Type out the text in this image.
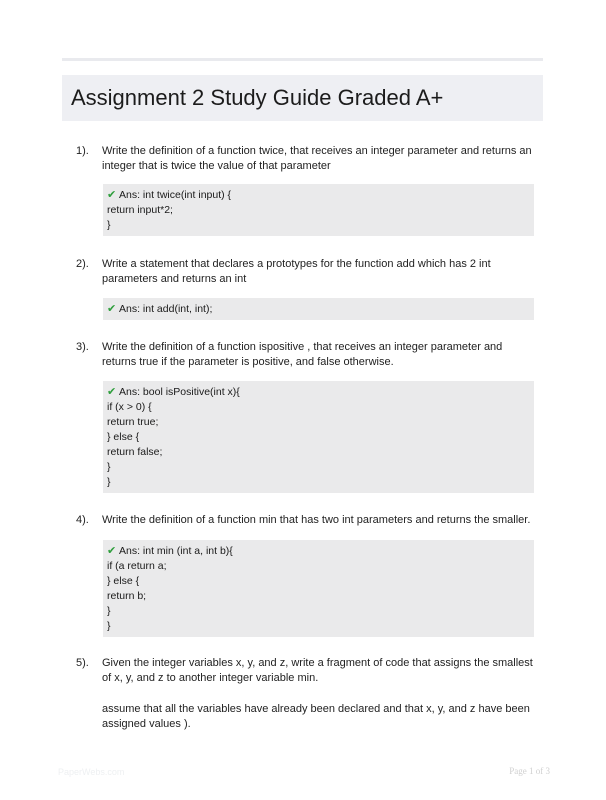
Assignment 2 Study Guide Graded A+
1). Write the definition of a function twice, that receives an integer parameter and returns an integer that is twice the value of that parameter

✔ Ans: int twice(int input) {
return input*2;
}
2). Write a statement that declares a prototypes for the function add which has 2 int parameters and returns an int

✔ Ans: int add(int, int);
3). Write the definition of a function ispositive , that receives an integer parameter and returns true if the parameter is positive, and false otherwise.

✔ Ans: bool isPositive(int x){
if (x > 0) {
return true;
} else {
return false;
}
}
4). Write the definition of a function min that has two int parameters and returns the smaller.

✔ Ans: int min (int a, int b){
if (a return a;
} else {
return b;
}
}
5). Given the integer variables x, y, and z, write a fragment of code that assigns the smallest of x, y, and z to another integer variable min.

assume that all the variables have already been declared and that x, y, and z have been assigned values ).

PaperWebs.com	Page 1 of 3
